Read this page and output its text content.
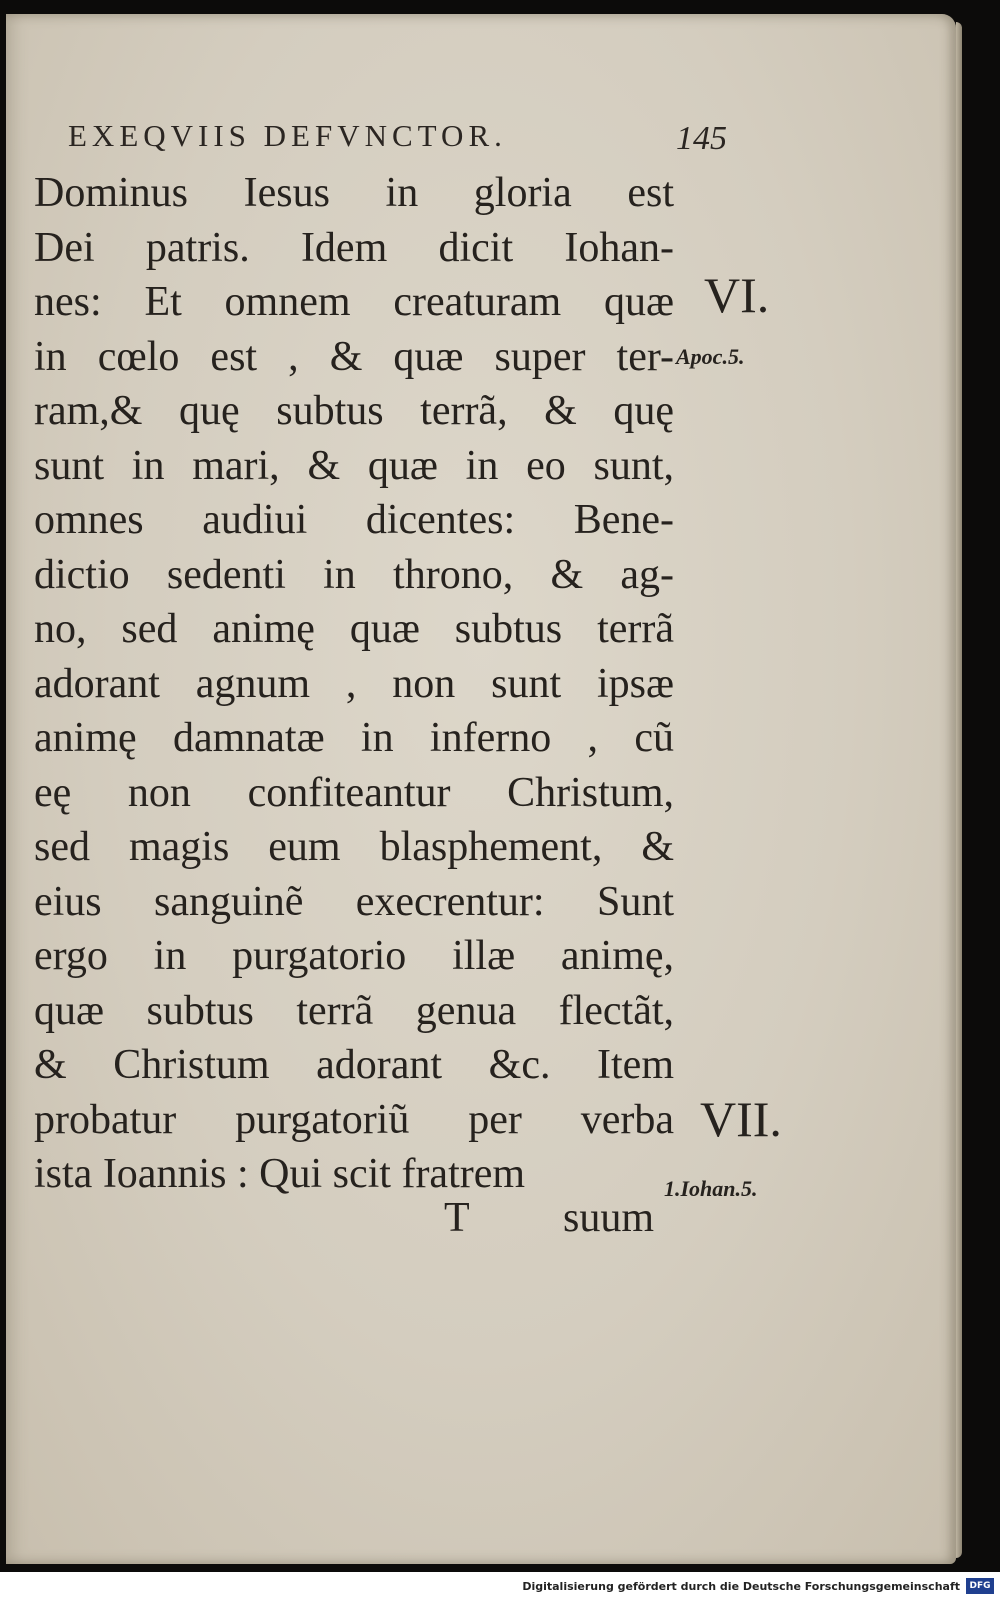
EXEQVIIS DEFVNCTOR.	145
Dominus Iesus in gloria est
Dei patris. Idem dicit Iohan-
nes: Et omnem creaturam quæ
in cœlo est , & quæ super ter-
ram,& quę subtus terrã, & quę
sunt in mari, & quæ in eo sunt,
omnes audiui dicentes: Bene-
dictio sedenti in throno, & ag-
no, sed animę quæ subtus terrã
adorant agnum , non sunt ipsæ
animę damnatæ in inferno , cũ
eę non confiteantur Christum,
sed magis eum blasphement, &
eius sanguinẽ execrentur: Sunt
ergo in purgatorio illæ animę,
quæ subtus terrã genua flectãt,
& Christum adorant &c. Item
probatur purgatoriũ per verba
ista Ioannis : Qui scit fratrem
T suum
VI.
Apoc.5.
VII.
1.Iohan.5.
Digitalisierung gefördert durch die Deutsche Forschungsgemeinschaft	DFG
